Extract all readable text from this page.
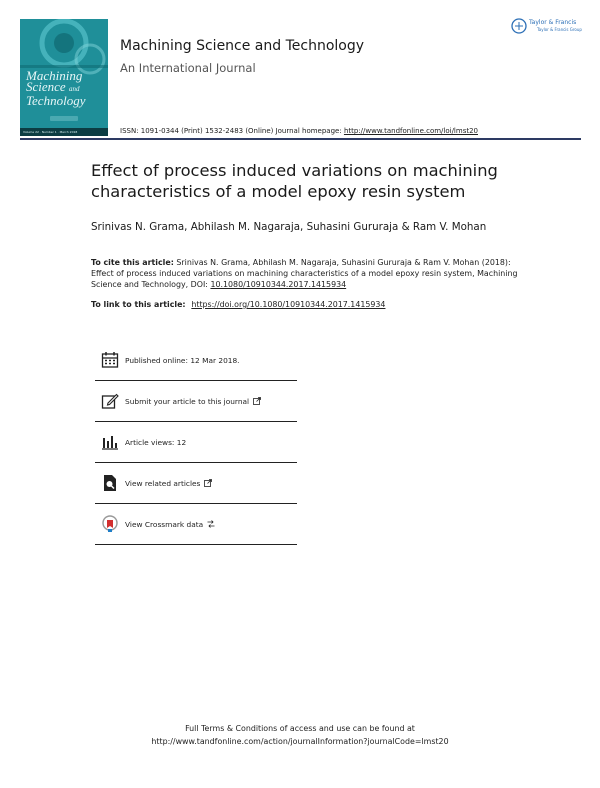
Machining
Science and
Technology
Volume 22 · Number 1 · March 2018
Machining Science and Technology
An International Journal
ISSN: 1091-0344 (Print) 1532-2483 (Online) Journal homepage: http://www.tandfonline.com/loi/lmst20
Taylor & Francis
Taylor & Francis Group
Effect of process induced variations on machining characteristics of a model epoxy resin system
Srinivas N. Grama, Abhilash M. Nagaraja, Suhasini Gururaja & Ram V. Mohan
To cite this article: Srinivas N. Grama, Abhilash M. Nagaraja, Suhasini Gururaja & Ram V. Mohan (2018): Effect of process induced variations on machining characteristics of a model epoxy resin system, Machining Science and Technology, DOI: 10.1080/10910344.2017.1415934
To link to this article: https://doi.org/10.1080/10910344.2017.1415934
Published online: 12 Mar 2018.
Submit your article to this journal
Article views: 12
View related articles
View Crossmark data
Full Terms & Conditions of access and use can be found at
http://www.tandfonline.com/action/journalInformation?journalCode=lmst20
